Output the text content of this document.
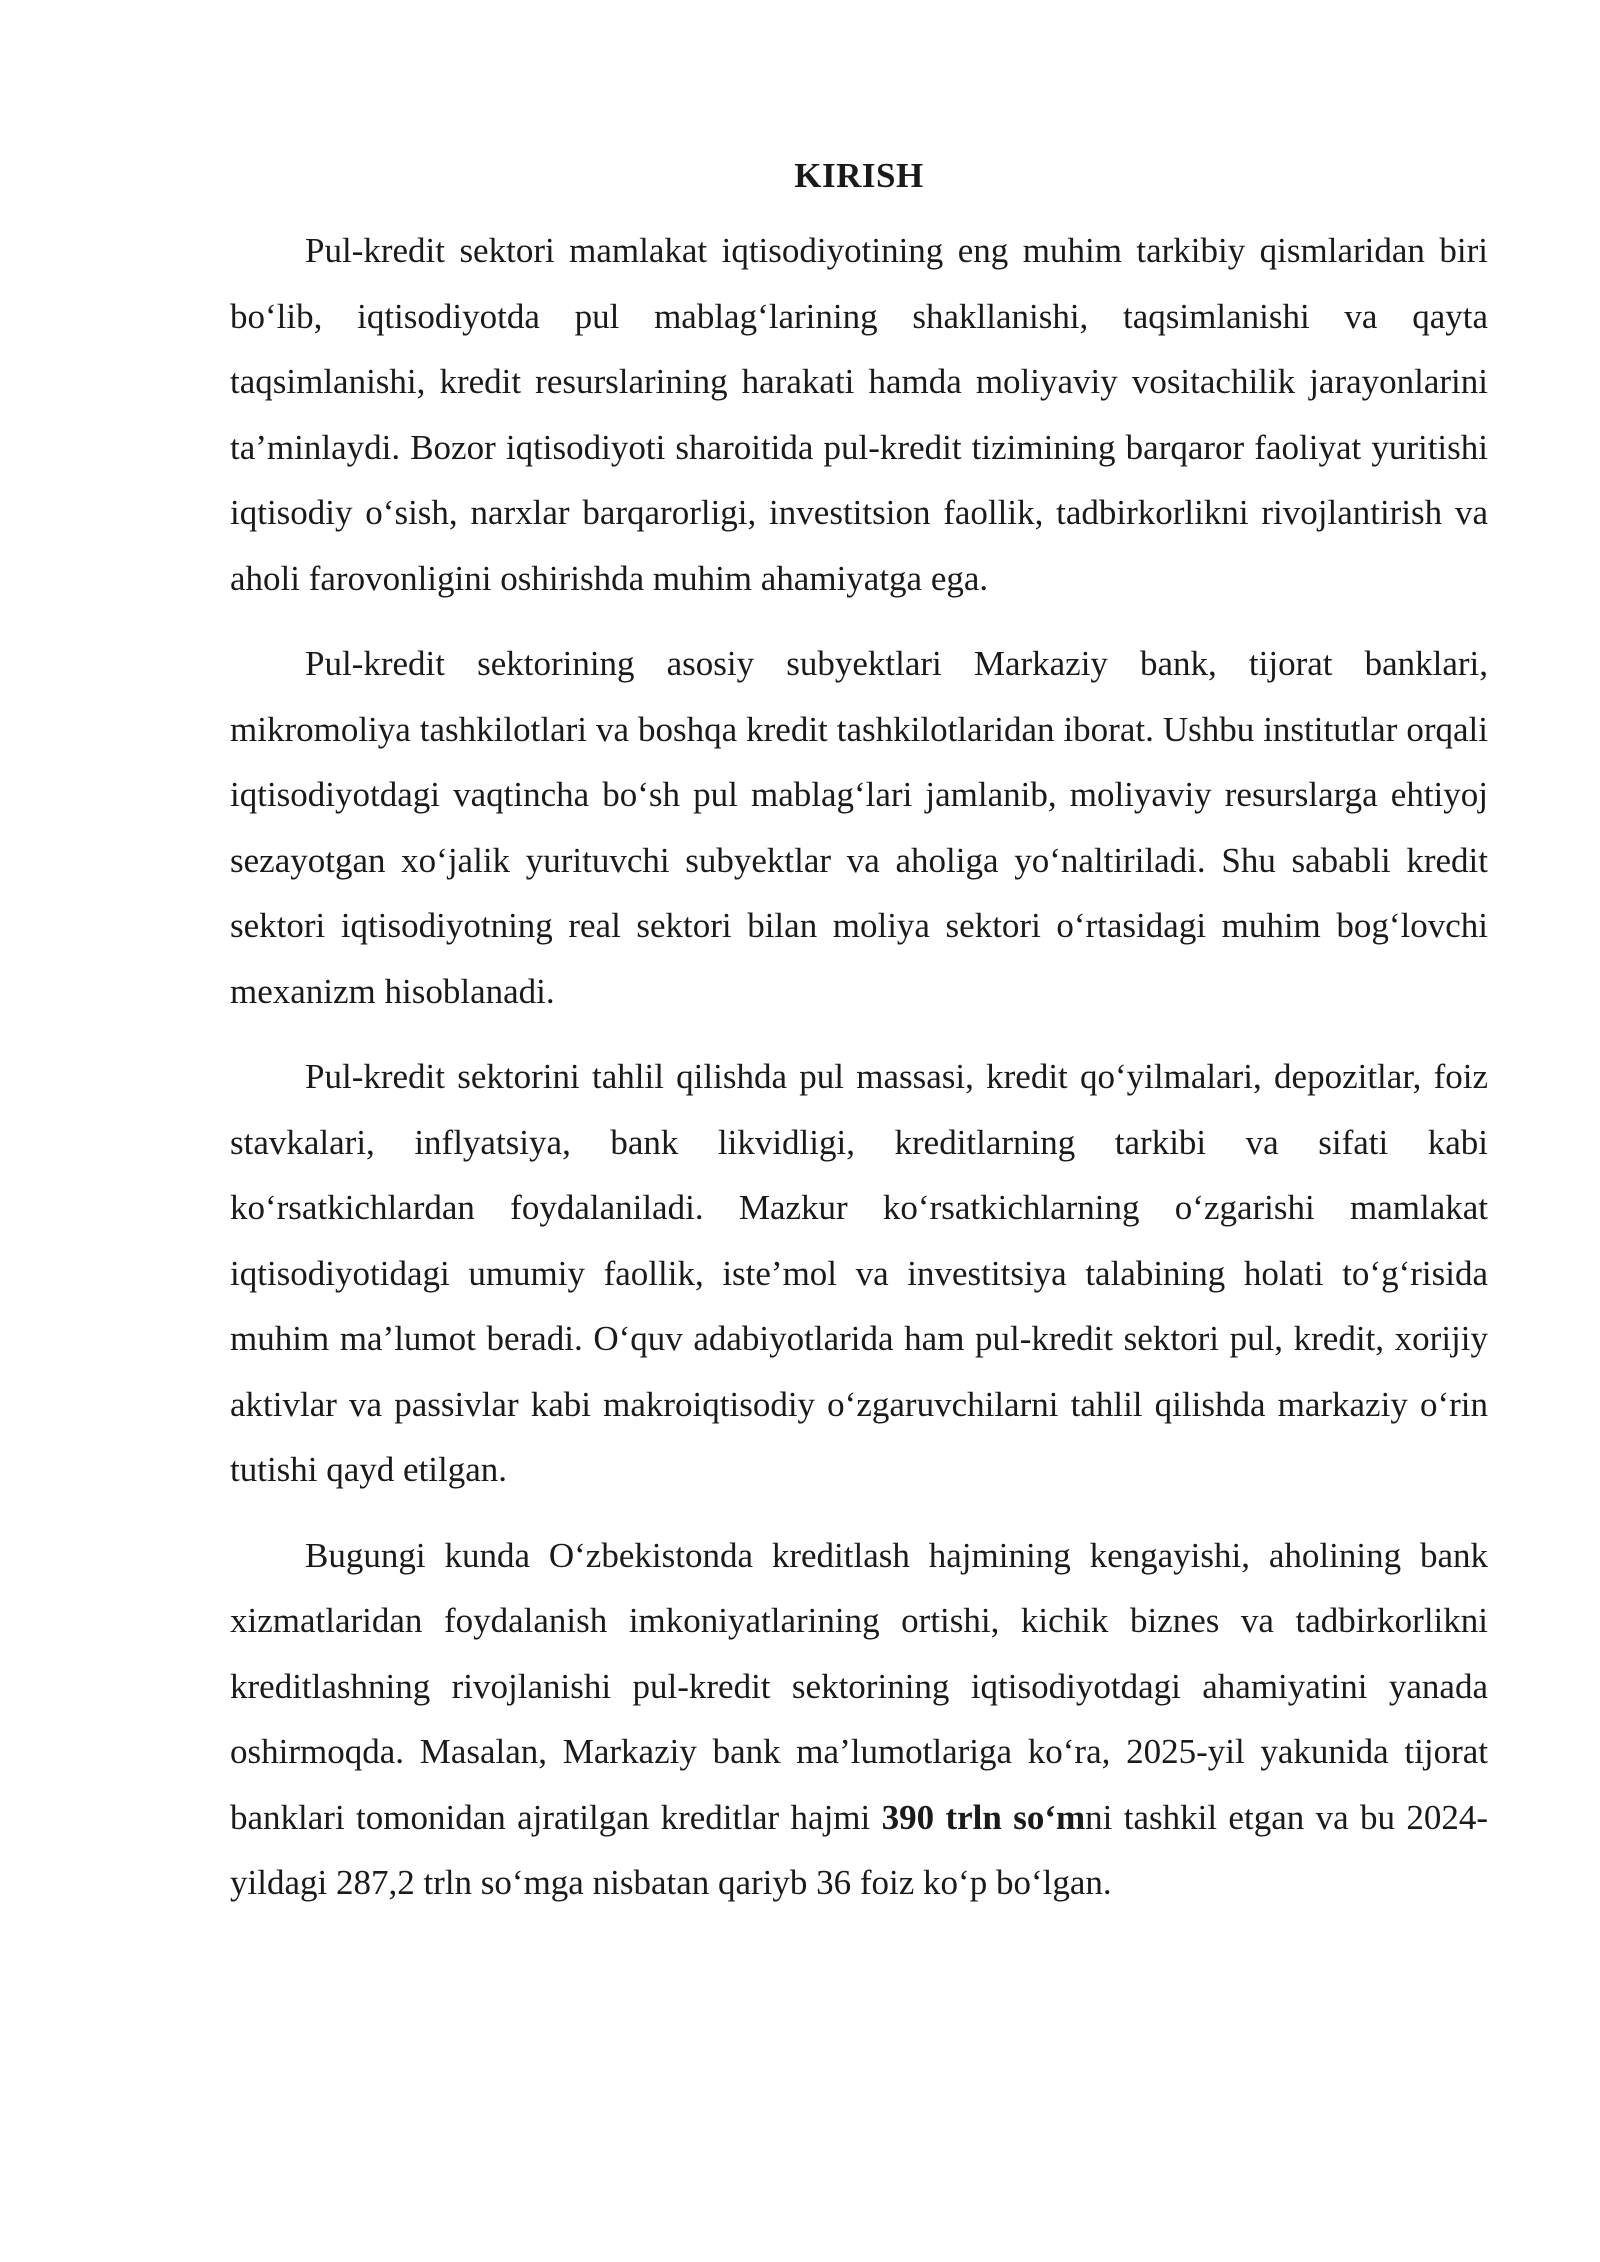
KIRISH

Pul-kredit sektori mamlakat iqtisodiyotining eng muhim tarkibiy qismlaridan biri bo‘lib, iqtisodiyotda pul mablag‘larining shakllanishi, taqsimlanishi va qayta taqsimlanishi, kredit resurslarining harakati hamda moliyaviy vositachilik jarayonlarini ta’minlaydi. Bozor iqtisodiyoti sharoitida pul-kredit tizimining barqaror faoliyat yuritishi iqtisodiy o‘sish, narxlar barqarorligi, investitsion faollik, tadbirkorlikni rivojlantirish va aholi farovonligini oshirishda muhim ahamiyatga ega.

Pul-kredit sektorining asosiy subyektlari Markaziy bank, tijorat banklari, mikromoliya tashkilotlari va boshqa kredit tashkilotlaridan iborat. Ushbu institutlar orqali iqtisodiyotdagi vaqtincha bo‘sh pul mablag‘lari jamlanib, moliyaviy resurslarga ehtiyoj sezayotgan xo‘jalik yurituvchi subyektlar va aholiga yo‘naltiriladi. Shu sababli kredit sektori iqtisodiyotning real sektori bilan moliya sektori o‘rtasidagi muhim bog‘lovchi mexanizm hisoblanadi.

Pul-kredit sektorini tahlil qilishda pul massasi, kredit qo‘yilmalari, depozitlar, foiz stavkalari, inflyatsiya, bank likvidligi, kreditlarning tarkibi va sifati kabi ko‘rsatkichlardan foydalaniladi. Mazkur ko‘rsatkichlarning o‘zgarishi mamlakat iqtisodiyotidagi umumiy faollik, iste’mol va investitsiya talabining holati to‘g‘risida muhim ma’lumot beradi. O‘quv adabiyotlarida ham pul-kredit sektori pul, kredit, xorijiy aktivlar va passivlar kabi makroiqtisodiy o‘zgaruvchilarni tahlil qilishda markaziy o‘rin tutishi qayd etilgan.

Bugungi kunda O‘zbekistonda kreditlash hajmining kengayishi, aholining bank xizmatlaridan foydalanish imkoniyatlarining ortishi, kichik biznes va tadbirkorlikni kreditlashning rivojlanishi pul-kredit sektorining iqtisodiyotdagi ahamiyatini yanada oshirmoqda. Masalan, Markaziy bank ma’lumotlariga ko‘ra, 2025-yil yakunida tijorat banklari tomonidan ajratilgan kreditlar hajmi 390 trln so‘mni tashkil etgan va bu 2024-yildagi 287,2 trln so‘mga nisbatan qariyb 36 foiz ko‘p bo‘lgan.
